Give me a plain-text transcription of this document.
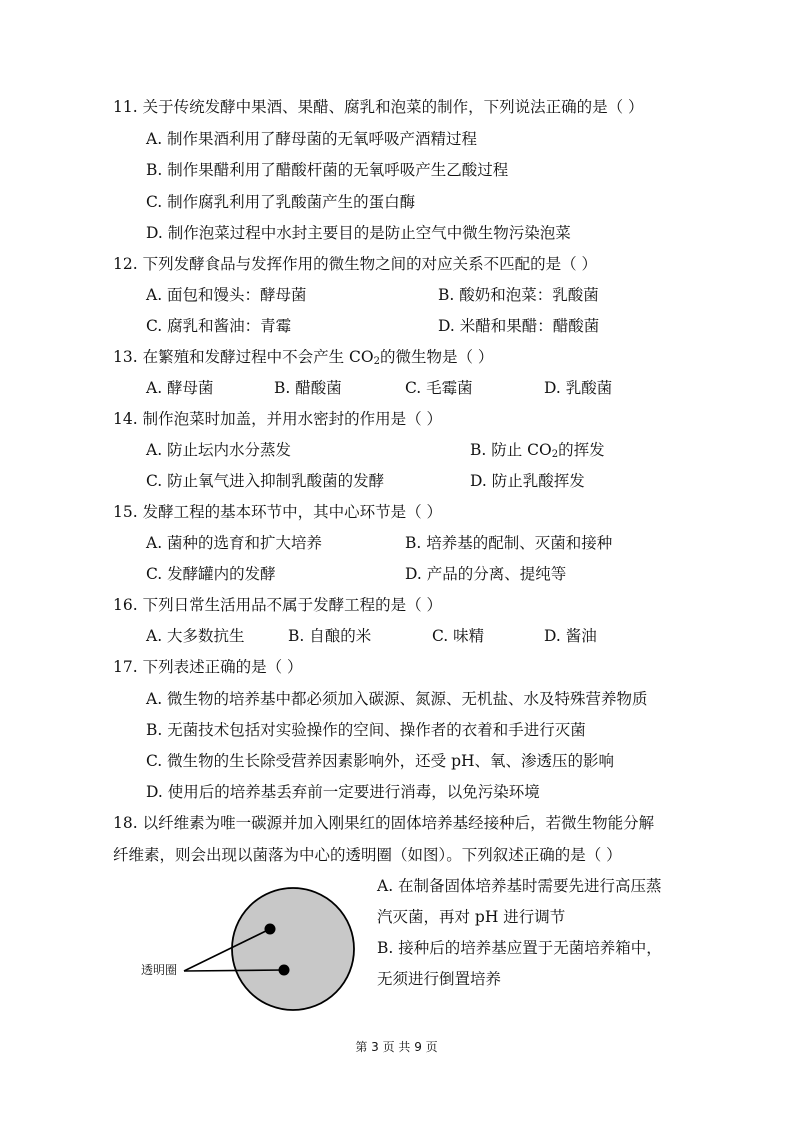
11. 关于传统发酵中果酒、果醋、腐乳和泡菜的制作，下列说法正确的是（ ）
A. 制作果酒利用了酵母菌的无氧呼吸产酒精过程
B. 制作果醋利用了醋酸杆菌的无氧呼吸产生乙酸过程
C. 制作腐乳利用了乳酸菌产生的蛋白酶
D. 制作泡菜过程中水封主要目的是防止空气中微生物污染泡菜
12. 下列发酵食品与发挥作用的微生物之间的对应关系不匹配的是（ ）
A. 面包和馒头：酵母菌	B. 酸奶和泡菜：乳酸菌
C. 腐乳和酱油：青霉	D. 米醋和果醋：醋酸菌
13. 在繁殖和发酵过程中不会产生 $CO_2$的微生物是（ ）
A. 酵母菌	B. 醋酸菌	C. 毛霉菌	D. 乳酸菌
14. 制作泡菜时加盖，并用水密封的作用是（ ）
A. 防止坛内水分蒸发	B. 防止 $CO_2$的挥发
C. 防止氧气进入抑制乳酸菌的发酵	D. 防止乳酸挥发
15. 发酵工程的基本环节中，其中心环节是（ ）
A. 菌种的选育和扩大培养	B. 培养基的配制、灭菌和接种
C. 发酵罐内的发酵	D. 产品的分离、提纯等
16. 下列日常生活用品不属于发酵工程的是（ ）
A. 大多数抗生	B. 自酿的米	C. 味精	D. 酱油
17. 下列表述正确的是（ ）
A. 微生物的培养基中都必须加入碳源、氮源、无机盐、水及特殊营养物质
B. 无菌技术包括对实验操作的空间、操作者的衣着和手进行灭菌
C. 微生物的生长除受营养因素影响外，还受 pH、氧、渗透压的影响
D. 使用后的培养基丢弃前一定要进行消毒，以免污染环境
18. 以纤维素为唯一碳源并加入刚果红的固体培养基经接种后，若微生物能分解
纤维素，则会出现以菌落为中心的透明圈（如图）。下列叙述正确的是（ ）
A. 在制备固体培养基时需要先进行高压蒸
汽灭菌，再对 pH 进行调节
B. 接种后的培养基应置于无菌培养箱中，
无须进行倒置培养
透明圈
第 3 页 共 9 页
